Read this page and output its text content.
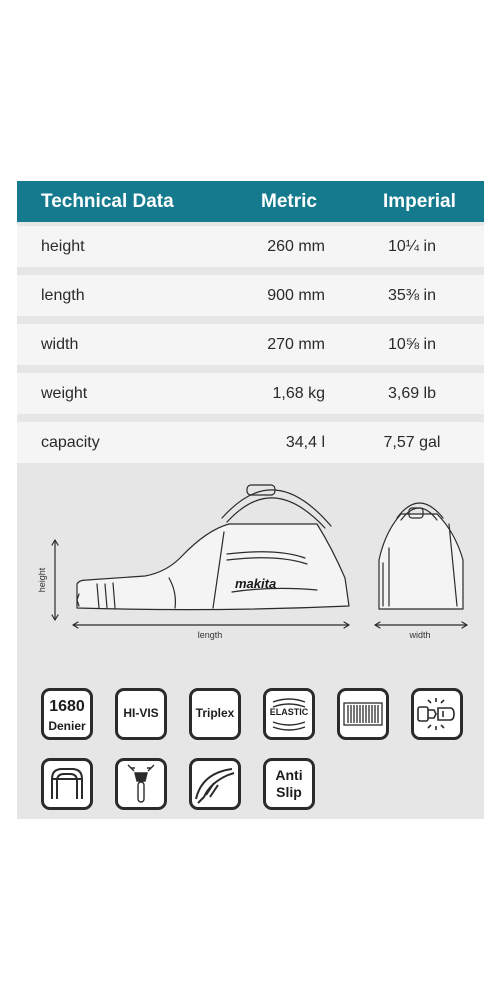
Technical Data	Metric	Imperial
height	260 mm	10¼ in
length	900 mm	35⅜ in
width	270 mm	10⅝ in
weight	1,68 kg	3,69 lb
capacity	34,4 l	7,57 gal
makita
height
length	width
1680
Denier
HI-VIS	Triplex	ELASTIC
Anti
Slip
